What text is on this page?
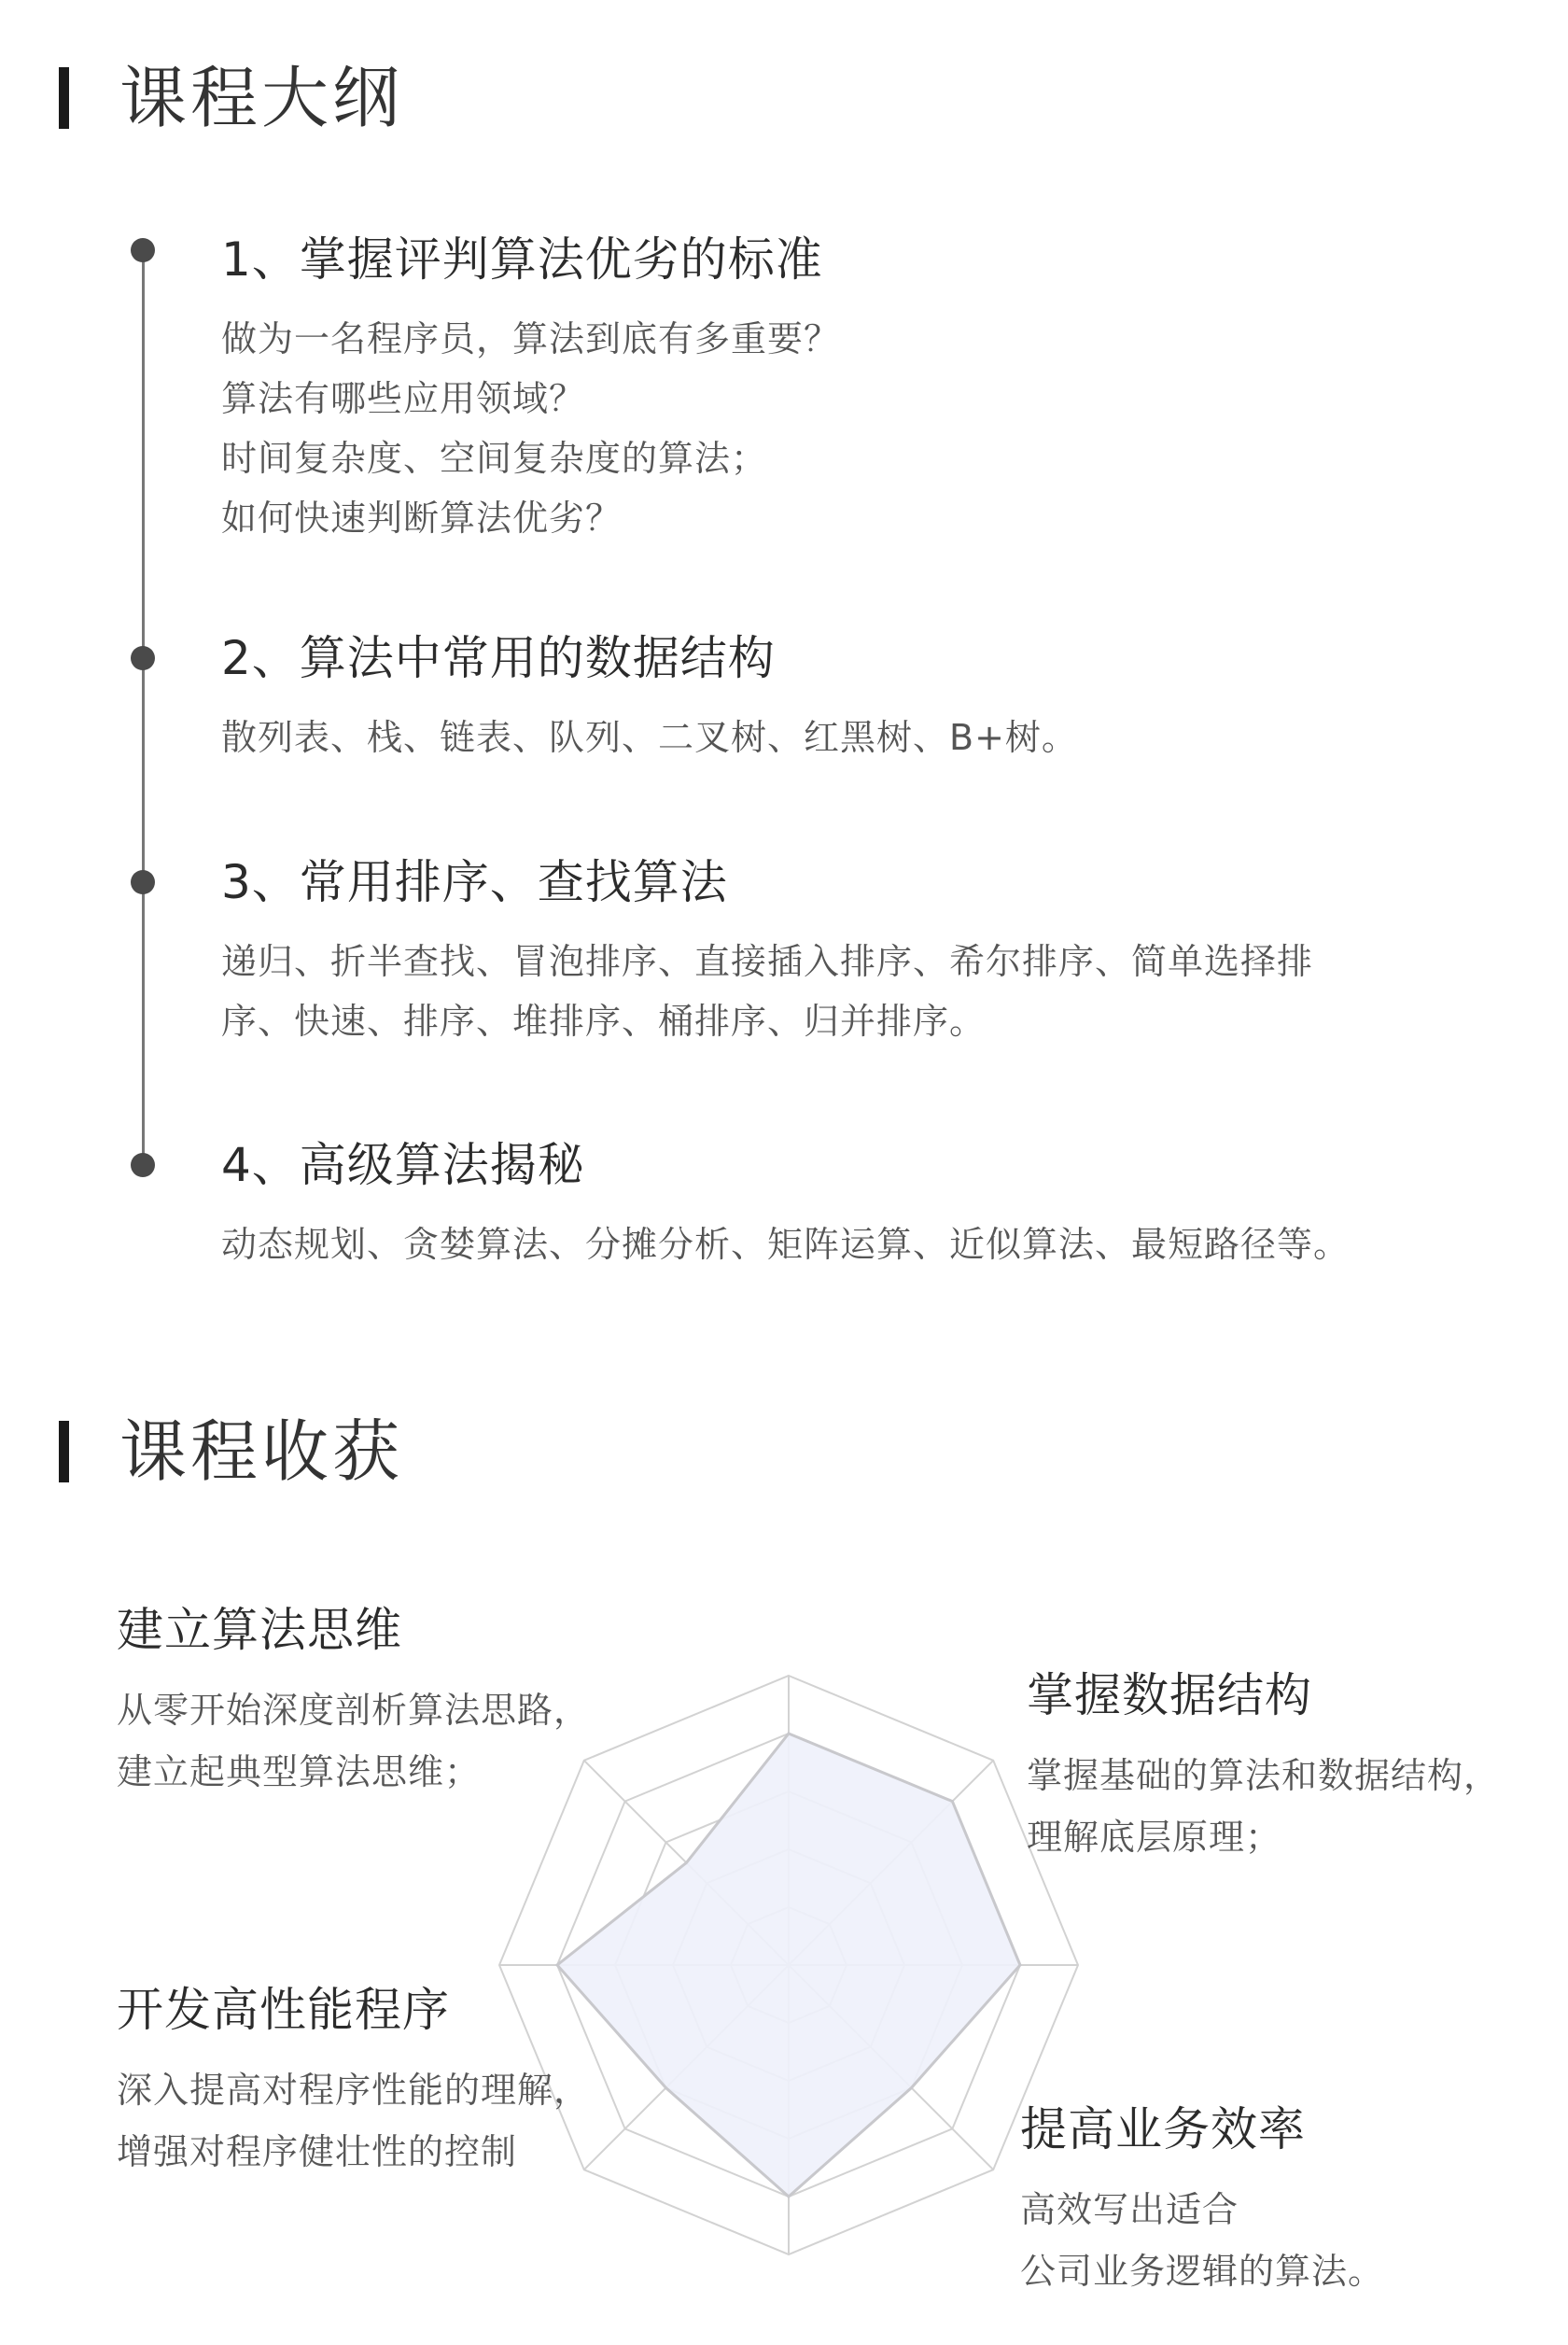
课程大纲
1、掌握评判算法优劣的标准
做为一名程序员，算法到底有多重要？
算法有哪些应用领域？
时间复杂度、空间复杂度的算法；
如何快速判断算法优劣？
2、算法中常用的数据结构
散列表、栈、链表、队列、二叉树、红黑树、B+树。
3、常用排序、查找算法
递归、折半查找、冒泡排序、直接插入排序、希尔排序、简单选择排
序、快速、排序、堆排序、桶排序、归并排序。
4、高级算法揭秘
动态规划、贪婪算法、分摊分析、矩阵运算、近似算法、最短路径等。
课程收获
建立算法思维
从零开始深度剖析算法思路，
建立起典型算法思维；
掌握数据结构
掌握基础的算法和数据结构，
理解底层原理；
开发高性能程序
深入提高对程序性能的理解，
增强对程序健壮性的控制	提高业务效率
高效写出适合
公司业务逻辑的算法。
